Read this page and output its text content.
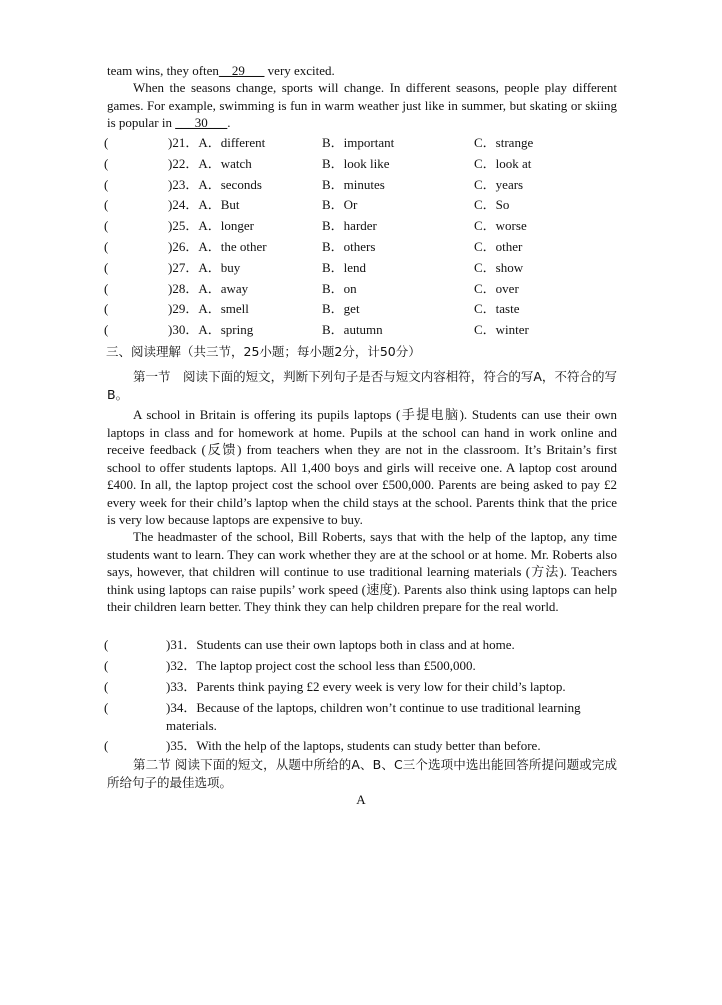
team wins, they often__29___ very excited.

When the seasons change, sports will change. In different seasons, people play different games. For example, swimming is fun in warm weather just like in summer, but skating or skiing is popular in ___30___.

(	)21．A．different	B．important	C．strange
(	)22．A．watch	B．look like	C．look at
(	)23．A．seconds	B．minutes	C．years
(	)24．A．But	B．Or	C．So
(	)25．A．longer	B．harder	C．worse
(	)26．A．the other	B．others	C．other
(	)27．A．buy	B．lend	C．show
(	)28．A．away	B．on	C．over
(	)29．A．smell	B．get	C．taste
(	)30．A．spring	B．autumn	C．winter

三、阅读理解（共三节，25小题；每小题2分，计50分）

第一节　阅读下面的短文，判断下列句子是否与短文内容相符，符合的写A，不符合的写B。

A school in Britain is offering its pupils laptops (手提电脑). Students can use their own laptops in class and for homework at home. Pupils at the school can hand in work online and receive feedback (反馈) from teachers when they are not in the classroom. It’s Britain’s first school to offer students laptops. All 1,400 boys and girls will receive one. A laptop cost around £400. In all, the laptop project cost the school over £500,000. Parents are being asked to pay £2 every week for their child’s laptop when the child stays at the school. Parents think that the price is very low because laptops are expensive to buy.

The headmaster of the school, Bill Roberts, says that with the help of the laptop, any time students want to learn. They can work whether they are at the school or at home. Mr. Roberts also says, however, that children will continue to use traditional learning materials (方法). Teachers think using laptops can raise pupils’ work speed (速度). Parents also think using laptops can help their children learn better. They think they can help children prepare for the real world.

(	)31．Students can use their own laptops both in class and at home.
(	)32．The laptop project cost the school less than £500,000.
(	)33．Parents think paying £2 every week is very low for their child’s laptop.
(	)34．Because of the laptops, children won’t continue to use traditional learning materials.
(	)35．With the help of the laptops, students can study better than before.

第二节 阅读下面的短文，从题中所给的A、B、C三个选项中选出能回答所提问题或完成所给句子的最佳选项。

A
